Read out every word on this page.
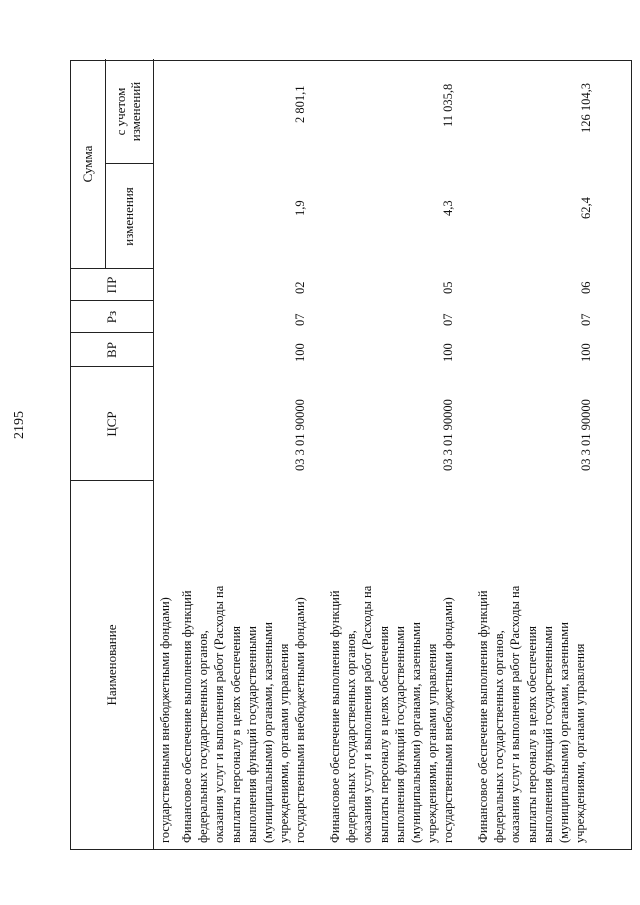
2195
Наименование
ЦСР
ВР
Рз
ПР
Сумма
изменения
с учетом изменений
государственными внебюджетными фондами) Финансовое обеспечение выполнения функций федеральных государственных органов, оказания услуг и выполнения работ (Расходы на выплаты персоналу в целях обеспечения выполнения функций государственными (муниципальными) органами, казенными учреждениями, органами управления государственными внебюджетными фондами)
03 3 01 90000
100
07
02
1,9
2 801,1
Финансовое обеспечение выполнения функций федеральных государственных органов, оказания услуг и выполнения работ (Расходы на выплаты персоналу в целях обеспечения выполнения функций государственными (муниципальными) органами, казенными учреждениями, органами управления государственными внебюджетными фондами)
03 3 01 90000
100
07
05
4,3
11 035,8
Финансовое обеспечение выполнения функций федеральных государственных органов, оказания услуг и выполнения работ (Расходы на выплаты персоналу в целях обеспечения выполнения функций государственными (муниципальными) органами, казенными учреждениями, органами управления
03 3 01 90000
100
07
06
62,4
126 104,3
